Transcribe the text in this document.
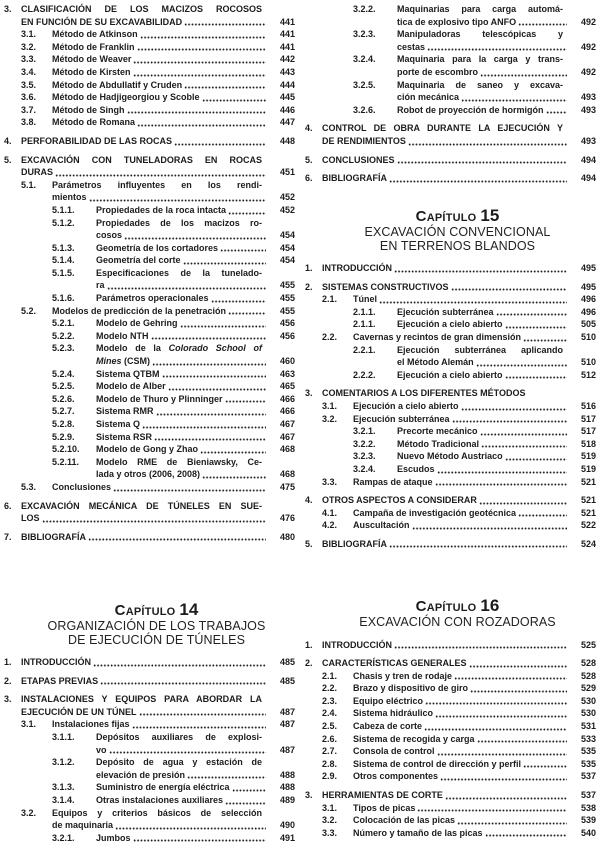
3. CLASIFICACIÓN DE LOS MACIZOS ROCOSOS
EN FUNCIÓN DE SU EXCAVABILIDAD	441
3.1. Método de Atkinson	441
3.2. Método de Franklin	441
3.3. Método de Weaver	442
3.4. Método de Kirsten	443
3.5. Método de Abdullatif y Cruden	444
3.6. Método de Hadjigeorgiou y Scoble	445
3.7. Método de Singh	446
3.8. Método de Romana	447
4. PERFORABILIDAD DE LAS ROCAS	448
5. EXCAVACIÓN CON TUNELADORAS EN ROCAS
DURAS	451
5.1. Parámetros influyentes en los rendi-
mientos	452
5.1.1. Propiedades de la roca intacta	452
5.1.2. Propiedades de los macizos ro-
cosos	454
5.1.3. Geometría de los cortadores	454
5.1.4. Geometría del corte	454
5.1.5. Especificaciones de la tunelado-
ra	455
5.1.6. Parámetros operacionales	455
5.2. Modelos de predicción de la penetración	455
5.2.1. Modelo de Gehring	456
5.2.2. Modelo NTH	456
5.2.3. Modelo de la Colorado School of
Mines (CSM)	460
5.2.4. Sistema QTBM	463
5.2.5. Modelo de Alber	465
5.2.6. Modelo de Thuro y Plinninger	466
5.2.7. Sistema RMR	466
5.2.8. Sistema Q	467
5.2.9. Sistema RSR	467
5.2.10. Modelo de Gong y Zhao	468
5.2.11. Modelo RME de Bieniawsky, Ce-
lada y otros (2006, 2008)	468
5.3. Conclusiones	475
6. EXCAVACIÓN MECÁNICA DE TÚNELES EN SUE-
LOS	476
7. BIBLIOGRAFÍA	480
CAPÍTULO 14
ORGANIZACIÓN DE LOS TRABAJOS
DE EJECUCIÓN DE TÚNELES
1. INTRODUCCIÓN	485
2. ETAPAS PREVIAS	485
3. INSTALACIONES Y EQUIPOS PARA ABORDAR LA
EJECUCIÓN DE UN TÚNEL	487
3.1. Instalaciones fijas	487
3.1.1. Depósitos auxiliares de explosi-
vo	487
3.1.2. Depósito de agua y estación de
elevación de presión	488
3.1.3. Suministro de energía eléctrica	488
3.1.4. Otras instalaciones auxiliares	489
3.2. Equipos y criterios básicos de selección
de maquinaria	490
3.2.1. Jumbos	491
3.2.2. Maquinarias para carga automá-
tica de explosivo tipo ANFO	492
3.2.3. Manipuladoras telescópicas y
cestas	492
3.2.4. Maquinaria para la carga y trans-
porte de escombro	492
3.2.5. Maquinaria de saneo y excava-
ción mecánica	493
3.2.6. Robot de proyección de hormigón	493
4. CONTROL DE OBRA DURANTE LA EJECUCIÓN Y
DE RENDIMIENTOS	493
5. CONCLUSIONES	494
6. BIBLIOGRAFÍA	494
CAPÍTULO 15
EXCAVACIÓN CONVENCIONAL
EN TERRENOS BLANDOS
1. INTRODUCCIÓN	495
2. SISTEMAS CONSTRUCTIVOS	495
2.1. Túnel	496
2.1.1. Ejecución subterránea	496
2.1.1. Ejecución a cielo abierto	505
2.2. Cavernas y recintos de gran dimensión	510
2.2.1. Ejecución subterránea aplicando
el Método Alemán	510
2.2.2. Ejecución a cielo abierto	512
3. COMENTARIOS A LOS DIFERENTES MÉTODOS
3.1. Ejecución a cielo abierto	516
3.2. Ejecución subterránea	517
3.2.1. Precorte mecánico	517
3.2.2. Método Tradicional	518
3.2.3. Nuevo Método Austriaco	519
3.2.4. Escudos	519
3.3. Rampas de ataque	521
4. OTROS ASPECTOS A CONSIDERAR	521
4.1. Campaña de investigación geotécnica	521
4.2. Auscultación	522
5. BIBLIOGRAFÍA	524
CAPÍTULO 16
EXCAVACIÓN CON ROZADORAS
1. INTRODUCCIÓN	525
2. CARACTERÍSTICAS GENERALES	528
2.1. Chasis y tren de rodaje	528
2.2. Brazo y dispositivo de giro	529
2.3. Equipo eléctrico	530
2.4. Sistema hidráulico	530
2.5. Cabeza de corte	531
2.6. Sistema de recogida y carga	533
2.7. Consola de control	535
2.8. Sistema de control de dirección y perfil	535
2.9. Otros componentes	537
3. HERRAMIENTAS DE CORTE	537
3.1. Tipos de picas	538
3.2. Colocación de las picas	539
3.3. Número y tamaño de las picas	540
